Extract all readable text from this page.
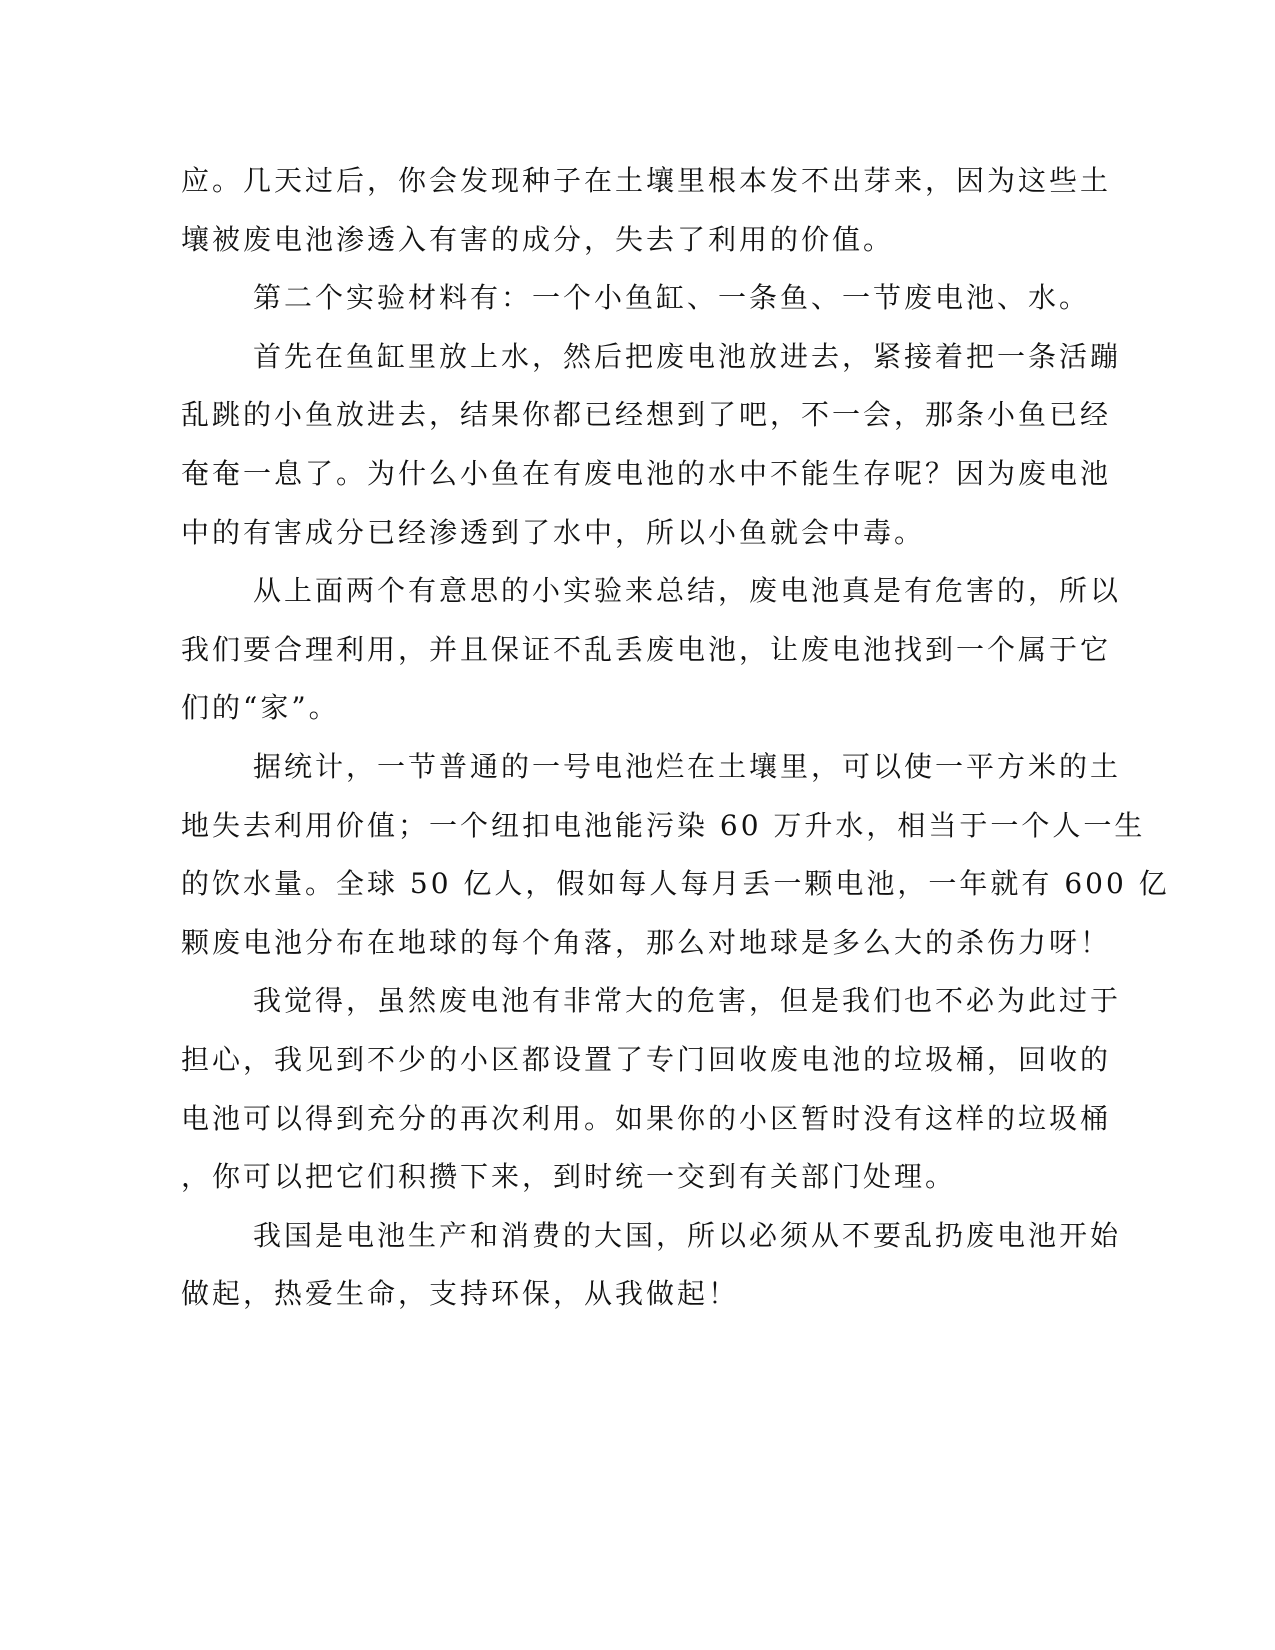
应。几天过后，你会发现种子在土壤里根本发不出芽来，因为这些土
壤被废电池渗透入有害的成分，失去了利用的价值。
第二个实验材料有：一个小鱼缸、一条鱼、一节废电池、水。
首先在鱼缸里放上水，然后把废电池放进去，紧接着把一条活蹦
乱跳的小鱼放进去，结果你都已经想到了吧，不一会，那条小鱼已经
奄奄一息了。为什么小鱼在有废电池的水中不能生存呢？因为废电池
中的有害成分已经渗透到了水中，所以小鱼就会中毒。
从上面两个有意思的小实验来总结，废电池真是有危害的，所以
我们要合理利用，并且保证不乱丢废电池，让废电池找到一个属于它
们的“家”。
据统计，一节普通的一号电池烂在土壤里，可以使一平方米的土
地失去利用价值；一个纽扣电池能污染 60 万升水，相当于一个人一生
的饮水量。全球 50 亿人，假如每人每月丢一颗电池，一年就有 600 亿
颗废电池分布在地球的每个角落，那么对地球是多么大的杀伤力呀！
我觉得，虽然废电池有非常大的危害，但是我们也不必为此过于
担心，我见到不少的小区都设置了专门回收废电池的垃圾桶，回收的
电池可以得到充分的再次利用。如果你的小区暂时没有这样的垃圾桶
，你可以把它们积攒下来，到时统一交到有关部门处理。
我国是电池生产和消费的大国，所以必须从不要乱扔废电池开始
做起，热爱生命，支持环保，从我做起！
